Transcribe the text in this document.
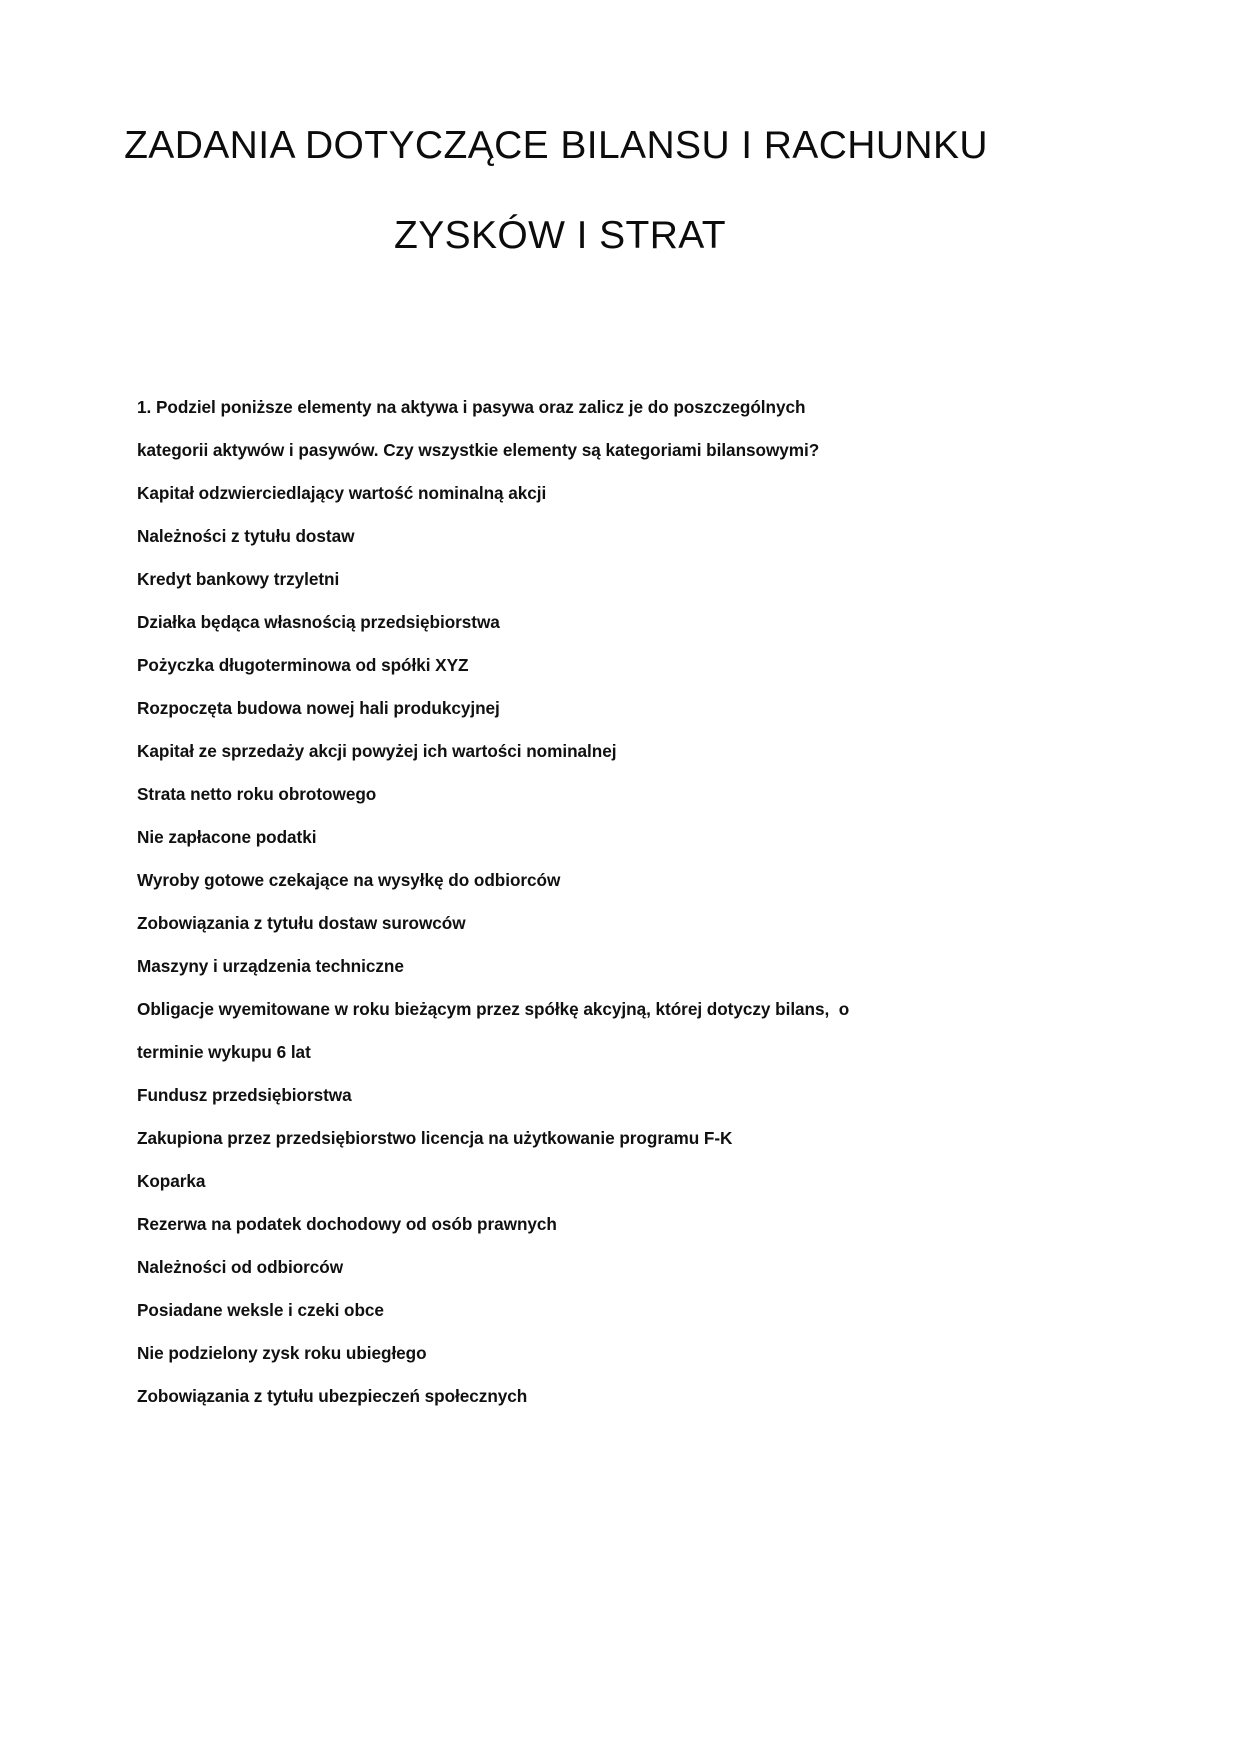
ZADANIA DOTYCZĄCE BILANSU I RACHUNKU
ZYSKÓW I STRAT
1. Podziel poniższe elementy na aktywa i pasywa oraz zalicz je do poszczególnych
kategorii aktywów i pasywów. Czy wszystkie elementy są kategoriami bilansowymi?
Kapitał odzwierciedlający wartość nominalną akcji
Należności z tytułu dostaw
Kredyt bankowy trzyletni
Działka będąca własnością przedsiębiorstwa
Pożyczka długoterminowa od spółki XYZ
Rozpoczęta budowa nowej hali produkcyjnej
Kapitał ze sprzedaży akcji powyżej ich wartości nominalnej
Strata netto roku obrotowego
Nie zapłacone podatki
Wyroby gotowe czekające na wysyłkę do odbiorców
Zobowiązania z tytułu dostaw surowców
Maszyny i urządzenia techniczne
Obligacje wyemitowane w roku bieżącym przez spółkę akcyjną, której dotyczy bilans,  o
terminie wykupu 6 lat
Fundusz przedsiębiorstwa
Zakupiona przez przedsiębiorstwo licencja na użytkowanie programu F-K
Koparka
Rezerwa na podatek dochodowy od osób prawnych
Należności od odbiorców
Posiadane weksle i czeki obce
Nie podzielony zysk roku ubiegłego
Zobowiązania z tytułu ubezpieczeń społecznych
